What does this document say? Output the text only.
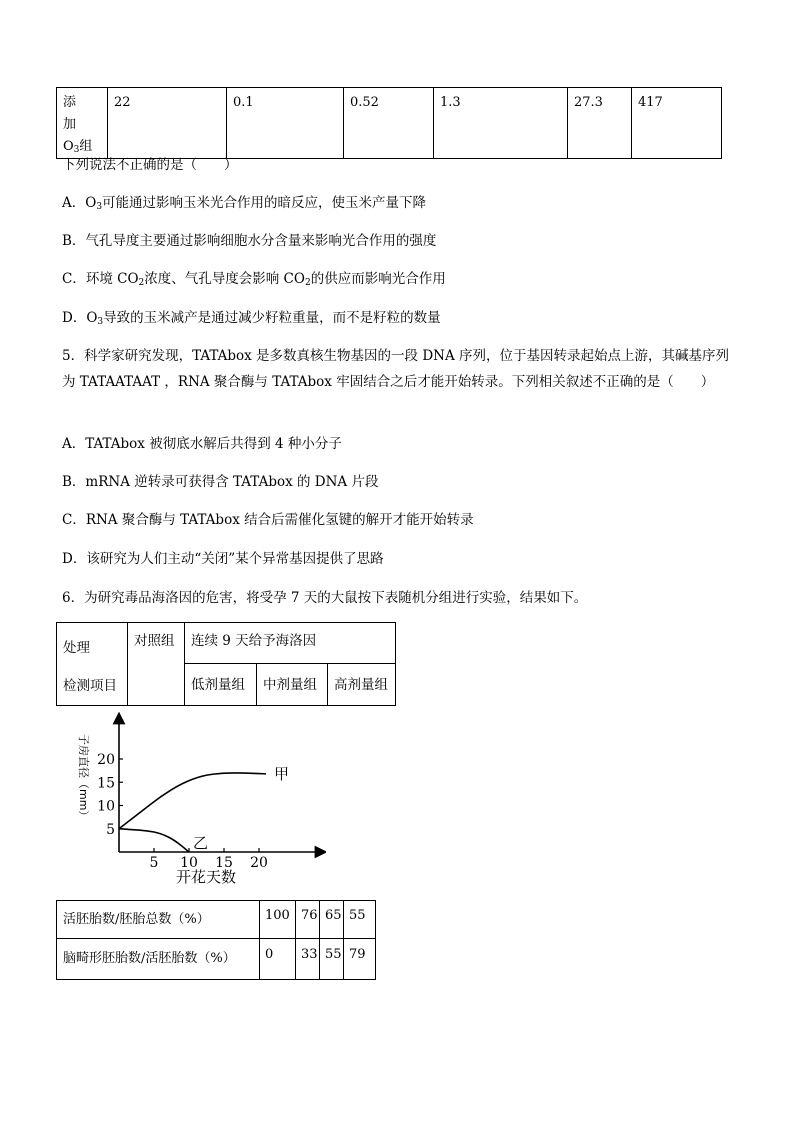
添　加
$O_3$组

22	0.1	0.52	1.3	27.3	417
下列说法不正确的是（　　）
A．$O_3$可能通过影响玉米光合作用的暗反应，使玉米产量下降
B．气孔导度主要通过影响细胞水分含量来影响光合作用的强度
C．环境 $CO_2$浓度、气孔导度会影响 $CO_2$的供应而影响光合作用
D．$O_3$导致的玉米减产是通过减少籽粒重量，而不是籽粒的数量
5．科学家研究发现，TATAbox 是多数真核生物基因的一段 DNA 序列，位于基因转录起始点上游，其碱基序列为 TATAATAAT ，RNA 聚合酶与 TATAbox 牢固结合之后才能开始转录。下列相关叙述不正确的是（　　）
A．TATAbox 被彻底水解后共得到 4 种小分子
B．mRNA 逆转录可获得含 TATAbox 的 DNA 片段
C．RNA 聚合酶与 TATAbox 结合后需催化氢键的解开才能开始转录
D．该研究为人们主动“关闭”某个异常基因提供了思路
6．为研究毒品海洛因的危害，将受孕 7 天的大鼠按下表随机分组进行实验，结果如下。
处理
检测项目	对照组	连续 9 天给予海洛因		

		低剂量组	中剂量组	高剂量组
5 10 15 20
5
10
15
20
甲
乙
开花天数
子房直径（mm）
活胚胎数/胚胎总数（%）	100	76	65	55
脑畸形胚胎数/活胚胎数（%）	0	33	55	79
